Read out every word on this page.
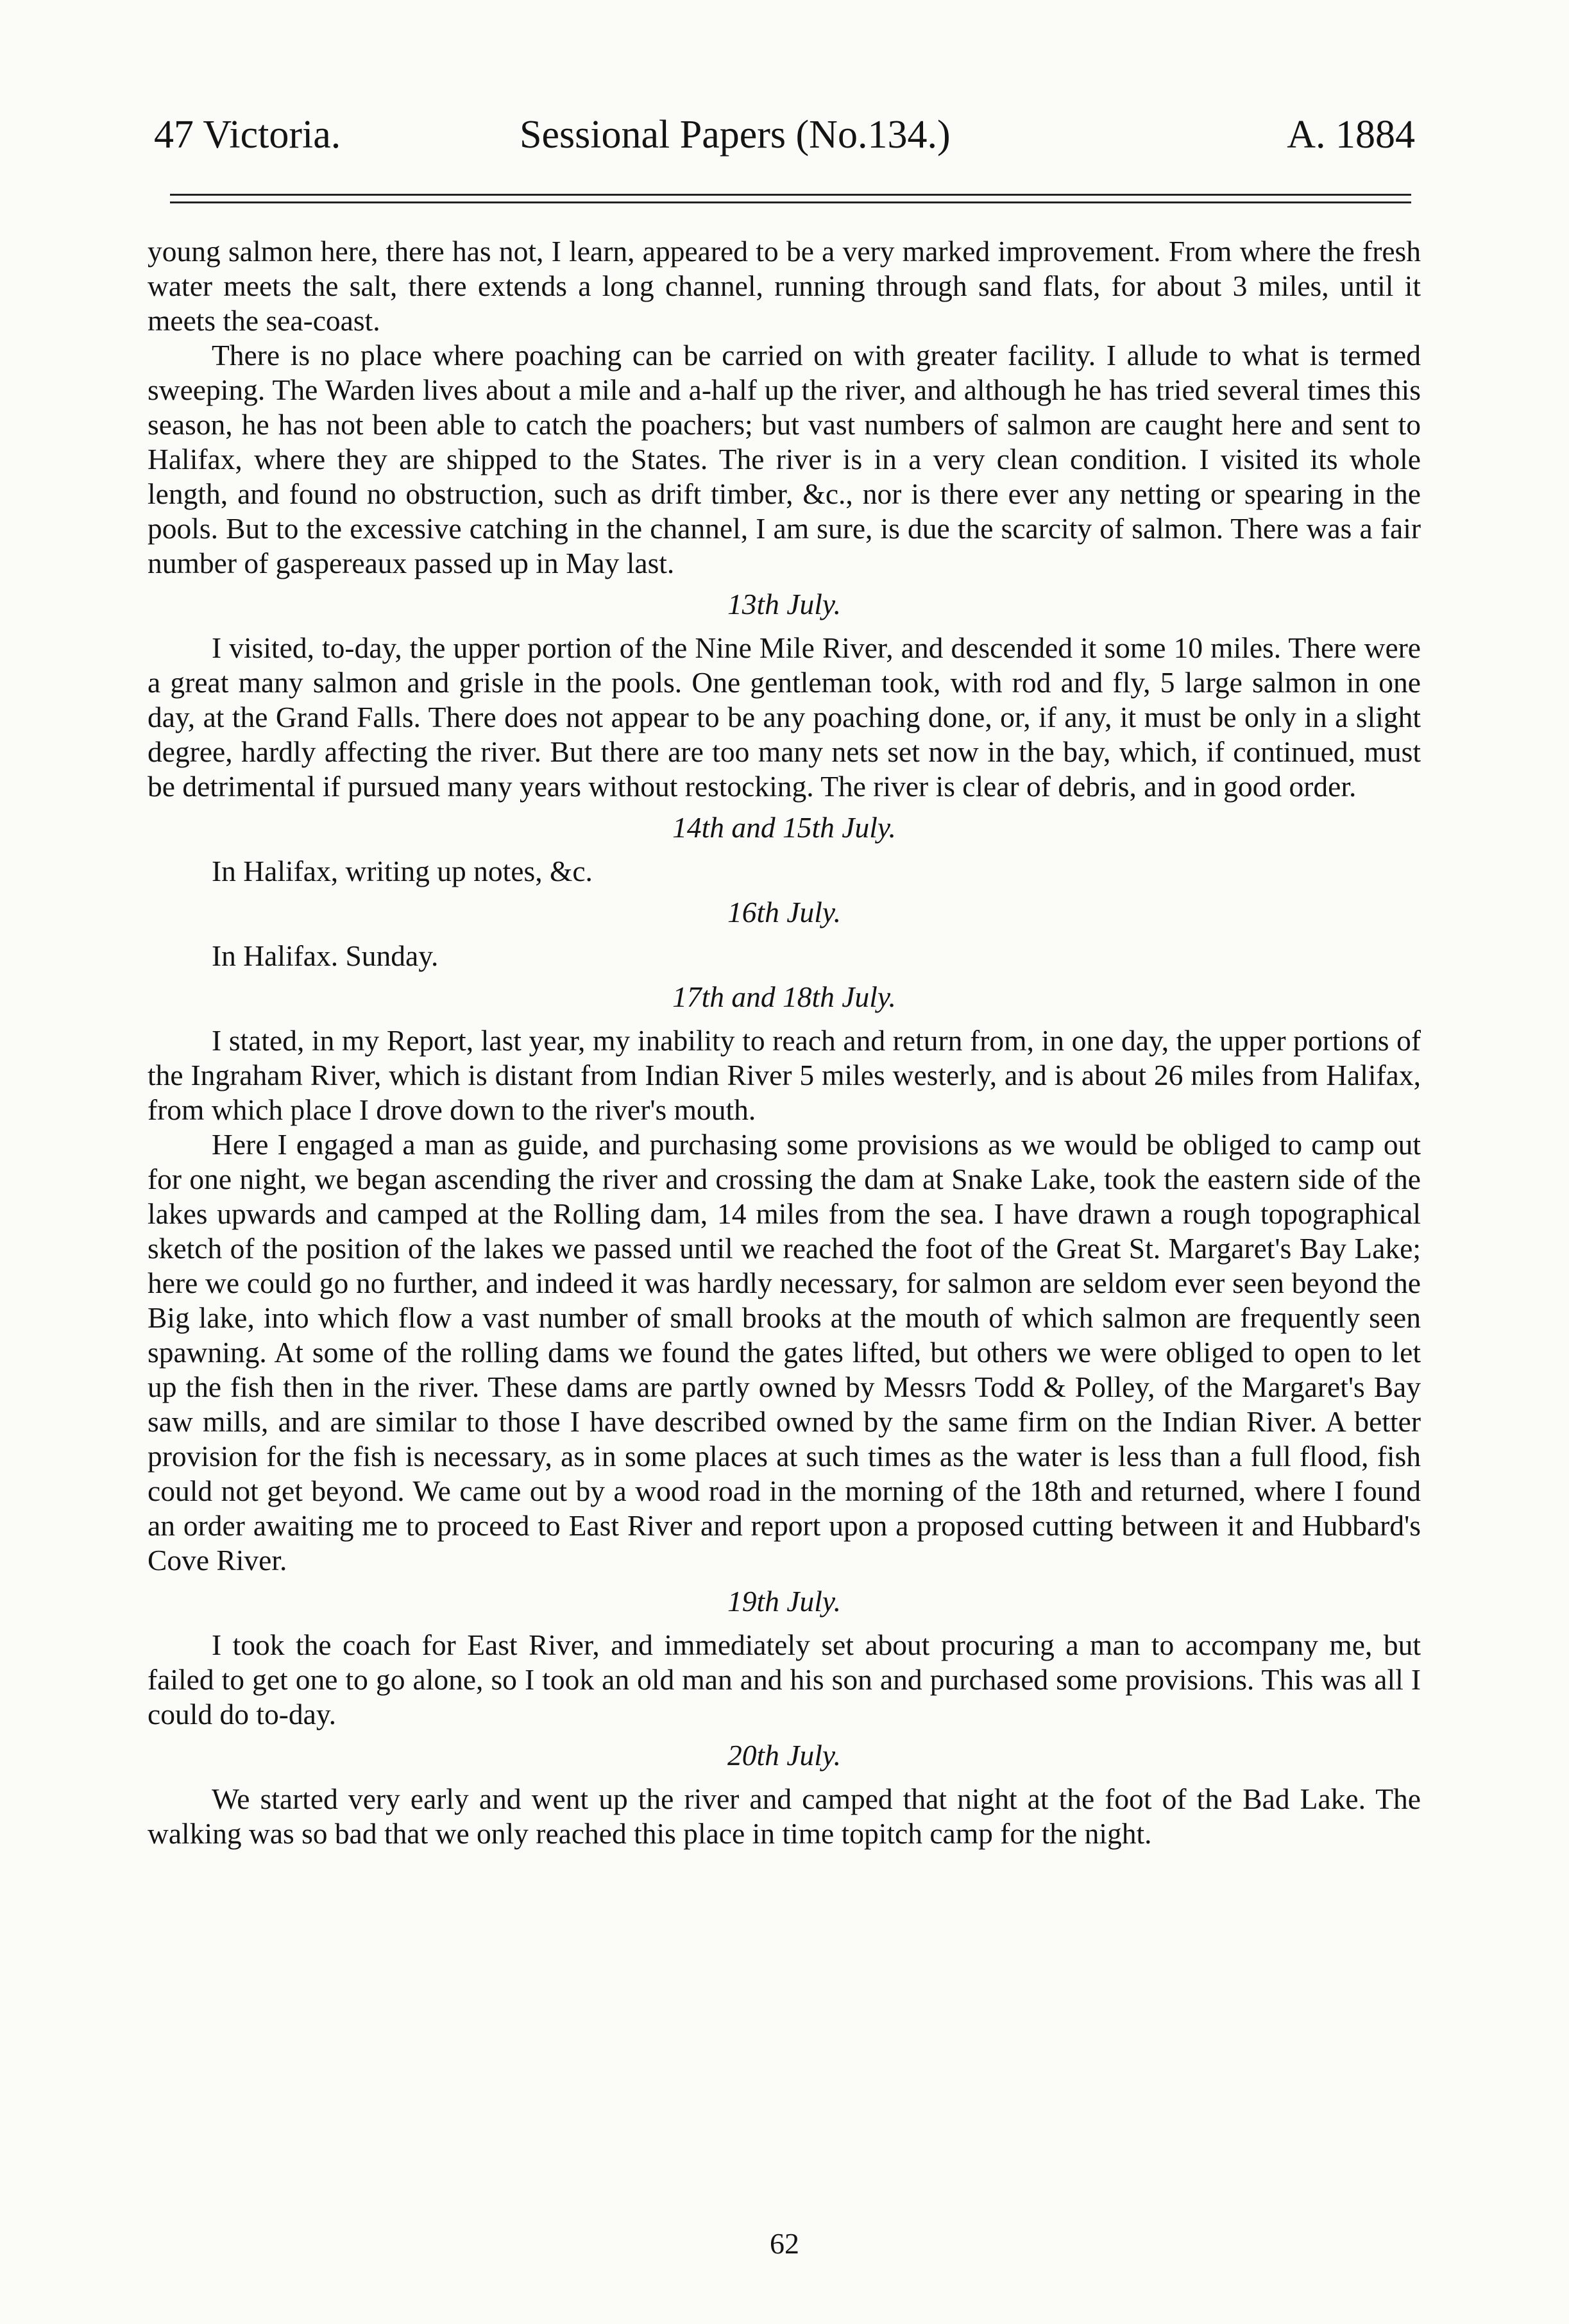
47 Victoria.	Sessional Papers (No.134.)	A. 1884

young salmon here, there has not, I learn, appeared to be a very marked improvement. From where the fresh water meets the salt, there extends a long channel, running through sand flats, for about 3 miles, until it meets the sea-coast.

There is no place where poaching can be carried on with greater facility. I allude to what is termed sweeping. The Warden lives about a mile and a-half up the river, and although he has tried several times this season, he has not been able to catch the poachers; but vast numbers of salmon are caught here and sent to Halifax, where they are shipped to the States. The river is in a very clean condition. I visited its whole length, and found no obstruction, such as drift timber, &c., nor is there ever any netting or spearing in the pools. But to the excessive catching in the channel, I am sure, is due the scarcity of salmon. There was a fair number of gaspereaux passed up in May last.

13th July.

I visited, to-day, the upper portion of the Nine Mile River, and descended it some 10 miles. There were a great many salmon and grisle in the pools. One gentleman took, with rod and fly, 5 large salmon in one day, at the Grand Falls. There does not appear to be any poaching done, or, if any, it must be only in a slight degree, hardly affecting the river. But there are too many nets set now in the bay, which, if continued, must be detrimental if pursued many years without restocking. The river is clear of debris, and in good order.

14th and 15th July.

In Halifax, writing up notes, &c.

16th July.

In Halifax. Sunday.

17th and 18th July.

I stated, in my Report, last year, my inability to reach and return from, in one day, the upper portions of the Ingraham River, which is distant from Indian River 5 miles westerly, and is about 26 miles from Halifax, from which place I drove down to the river's mouth.

Here I engaged a man as guide, and purchasing some provisions as we would be obliged to camp out for one night, we began ascending the river and crossing the dam at Snake Lake, took the eastern side of the lakes upwards and camped at the Rolling dam, 14 miles from the sea. I have drawn a rough topographical sketch of the position of the lakes we passed until we reached the foot of the Great St. Margaret's Bay Lake; here we could go no further, and indeed it was hardly necessary, for salmon are seldom ever seen beyond the Big lake, into which flow a vast number of small brooks at the mouth of which salmon are frequently seen spawning. At some of the rolling dams we found the gates lifted, but others we were obliged to open to let up the fish then in the river. These dams are partly owned by Messrs Todd & Polley, of the Margaret's Bay saw mills, and are similar to those I have described owned by the same firm on the Indian River. A better provision for the fish is necessary, as in some places at such times as the water is less than a full flood, fish could not get beyond. We came out by a wood road in the morning of the 18th and returned, where I found an order awaiting me to proceed to East River and report upon a proposed cutting between it and Hubbard's Cove River.

19th July.

I took the coach for East River, and immediately set about procuring a man to accompany me, but failed to get one to go alone, so I took an old man and his son and purchased some provisions. This was all I could do to-day.

20th July.

We started very early and went up the river and camped that night at the foot of the Bad Lake. The walking was so bad that we only reached this place in time topitch camp for the night.

62
